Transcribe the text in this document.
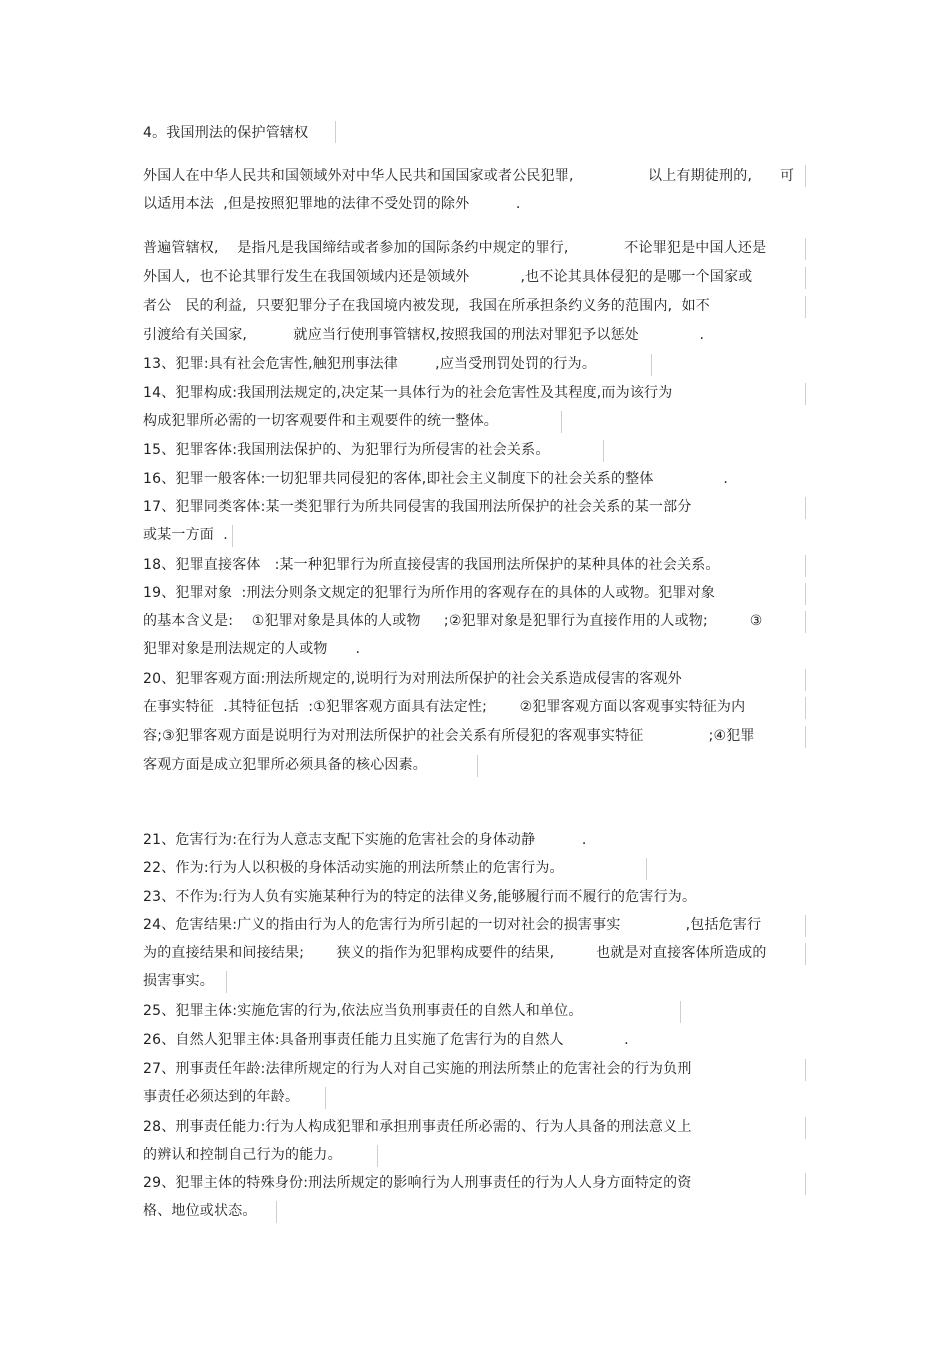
4。我国刑法的保护管辖权
外国人在中华人民共和国领域外对中华人民共和国国家或者公民犯罪,                以上有期徒刑的,      可
以适用本法  ,但是按照犯罪地的法律不受处罚的除外          .
普遍管辖权,    是指凡是我国缔结或者参加的国际条约中规定的罪行,            不论罪犯是中国人还是
外国人,  也不论其罪行发生在我国领域内还是领域外           ,也不论其具体侵犯的是哪一个国家或
者公   民的利益,  只要犯罪分子在我国境内被发现,  我国在所承担条约义务的范围内,  如不
引渡给有关国家,          就应当行使刑事管辖权,按照我国的刑法对罪犯予以惩处             .
13、犯罪:具有社会危害性,触犯刑事法律        ,应当受刑罚处罚的行为。
14、犯罪构成:我国刑法规定的,决定某一具体行为的社会危害性及其程度,而为该行为
构成犯罪所必需的一切客观要件和主观要件的统一整体。
15、犯罪客体:我国刑法保护的、为犯罪行为所侵害的社会关系。
16、犯罪一般客体:一切犯罪共同侵犯的客体,即社会主义制度下的社会关系的整体               .
17、犯罪同类客体:某一类犯罪行为所共同侵害的我国刑法所保护的社会关系的某一部分
或某一方面  .
18、犯罪直接客体   :某一种犯罪行为所直接侵害的我国刑法所保护的某种具体的社会关系。
19、犯罪对象  :刑法分则条文规定的犯罪行为所作用的客观存在的具体的人或物。犯罪对象
的基本含义是:    ①犯罪对象是具体的人或物     ;②犯罪对象是犯罪行为直接作用的人或物;         ③
犯罪对象是刑法规定的人或物      .
20、犯罪客观方面:刑法所规定的,说明行为对刑法所保护的社会关系造成侵害的客观外
在事实特征  .其特征包括  :①犯罪客观方面具有法定性;       ②犯罪客观方面以客观事实特征为内
容;③犯罪客观方面是说明行为对刑法所保护的社会关系有所侵犯的客观事实特征              ;④犯罪
客观方面是成立犯罪所必须具备的核心因素。
21、危害行为:在行为人意志支配下实施的危害社会的身体动静          .
22、作为:行为人以积极的身体活动实施的刑法所禁止的危害行为。
23、不作为:行为人负有实施某种行为的特定的法律义务,能够履行而不履行的危害行为。
24、危害结果:广义的指由行为人的危害行为所引起的一切对社会的损害事实              ,包括危害行
为的直接结果和间接结果;       狭义的指作为犯罪构成要件的结果,         也就是对直接客体所造成的
损害事实。
25、犯罪主体:实施危害的行为,依法应当负刑事责任的自然人和单位。
26、自然人犯罪主体:具备刑事责任能力且实施了危害行为的自然人             .
27、刑事责任年龄:法律所规定的行为人对自己实施的刑法所禁止的危害社会的行为负刑
事责任必须达到的年龄。
28、刑事责任能力:行为人构成犯罪和承担刑事责任所必需的、行为人具备的刑法意义上
的辨认和控制自己行为的能力。
29、犯罪主体的特殊身份:刑法所规定的影响行为人刑事责任的行为人人身方面特定的资
格、地位或状态。
